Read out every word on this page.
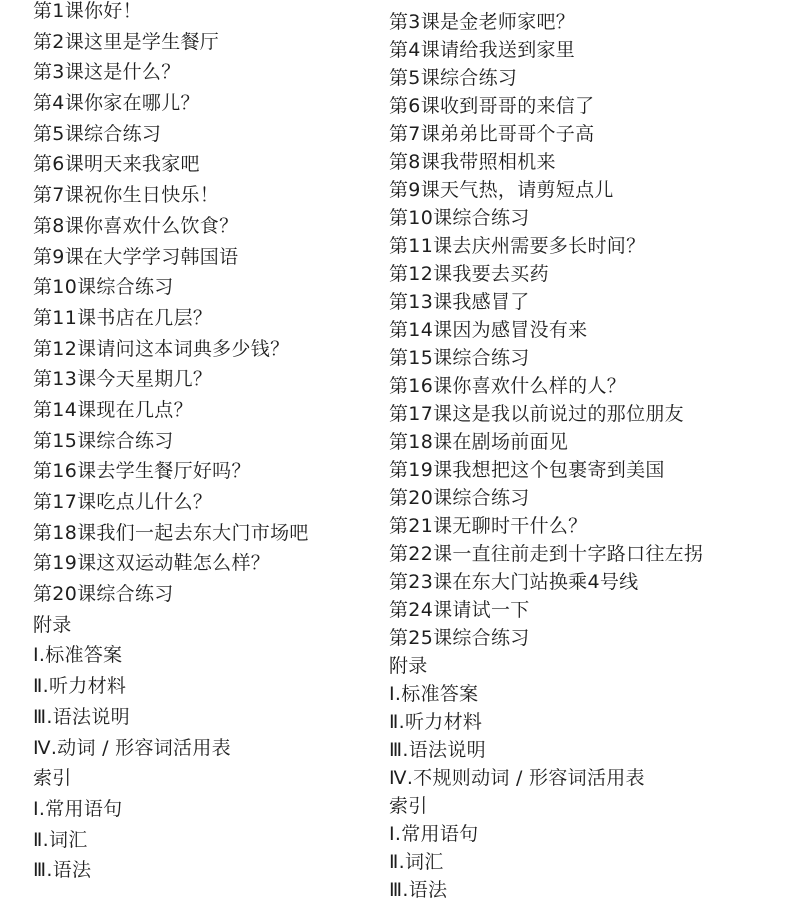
第1课你好！
第2课这里是学生餐厅
第3课这是什么？
第4课你家在哪儿？
第5课综合练习
第6课明天来我家吧
第7课祝你生日快乐！
第8课你喜欢什么饮食？
第9课在大学学习韩国语
第10课综合练习
第11课书店在几层？
第12课请问这本词典多少钱？
第13课今天星期几？
第14课现在几点？
第15课综合练习
第16课去学生餐厅好吗？
第17课吃点儿什么？
第18课我们一起去东大门市场吧
第19课这双运动鞋怎么样？
第20课综合练习
附录
Ⅰ.标准答案
Ⅱ.听力材料
Ⅲ.语法说明
Ⅳ.动词 / 形容词活用表
索引
Ⅰ.常用语句
Ⅱ.词汇
Ⅲ.语法
第3课是金老师家吧？
第4课请给我送到家里
第5课综合练习
第6课收到哥哥的来信了
第7课弟弟比哥哥个子高
第8课我带照相机来
第9课天气热，请剪短点儿
第10课综合练习
第11课去庆州需要多长时间？
第12课我要去买药
第13课我感冒了
第14课因为感冒没有来
第15课综合练习
第16课你喜欢什么样的人？
第17课这是我以前说过的那位朋友
第18课在剧场前面见
第19课我想把这个包裹寄到美国
第20课综合练习
第21课无聊时干什么？
第22课一直往前走到十字路口往左拐
第23课在东大门站换乘4号线
第24课请试一下
第25课综合练习
附录
Ⅰ.标准答案
Ⅱ.听力材料
Ⅲ.语法说明
Ⅳ.不规则动词 / 形容词活用表
索引
Ⅰ.常用语句
Ⅱ.词汇
Ⅲ.语法
